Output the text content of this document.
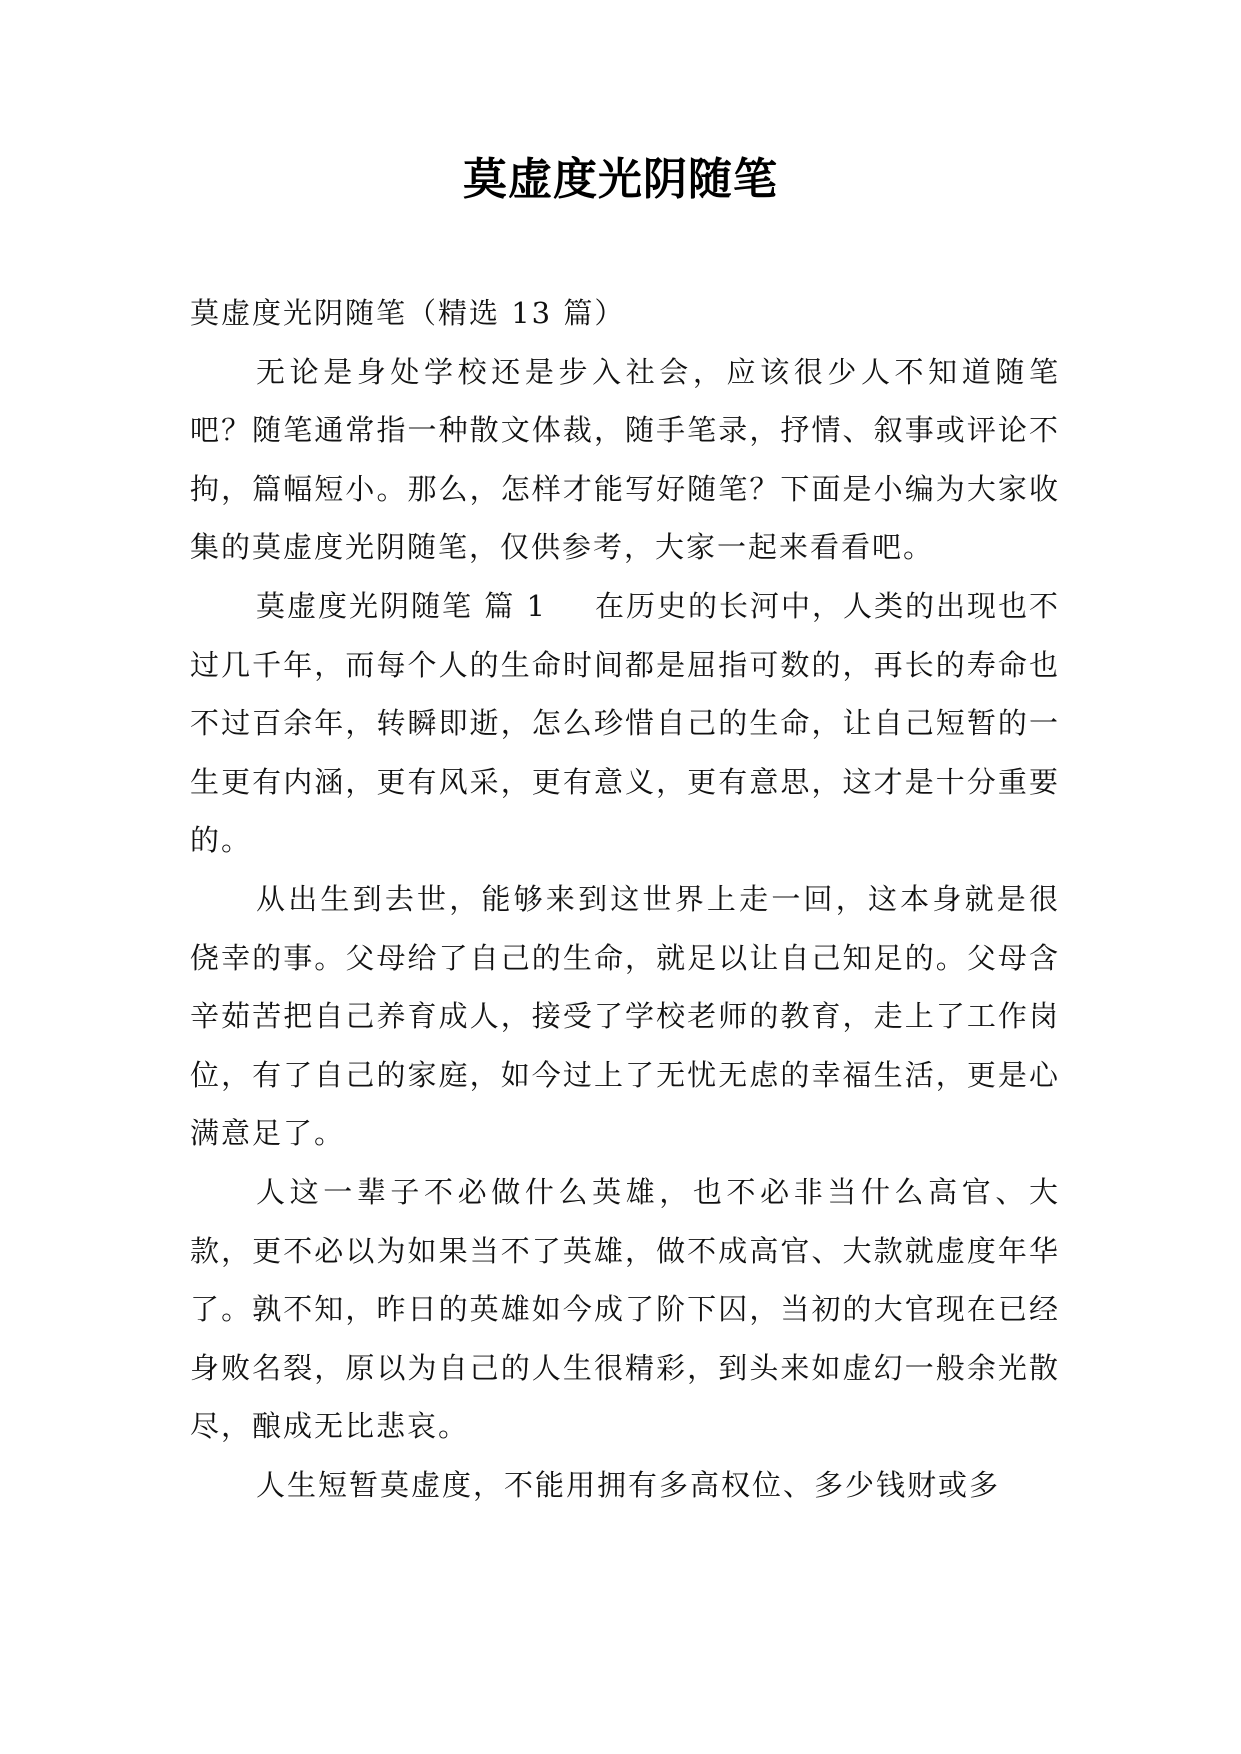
莫虚度光阴随笔

莫虚度光阴随笔（精选 13 篇）

无论是身处学校还是步入社会，应该很少人不知道随笔吧？随笔通常指一种散文体裁，随手笔录，抒情、叙事或评论不拘，篇幅短小。那么，怎样才能写好随笔？下面是小编为大家收集的莫虚度光阴随笔，仅供参考，大家一起来看看吧。

莫虚度光阴随笔 篇 1 在历史的长河中，人类的出现也不过几千年，而每个人的生命时间都是屈指可数的，再长的寿命也不过百余年，转瞬即逝，怎么珍惜自己的生命，让自己短暂的一生更有内涵，更有风采，更有意义，更有意思，这才是十分重要的。

从出生到去世，能够来到这世界上走一回，这本身就是很侥幸的事。父母给了自己的生命，就足以让自己知足的。父母含辛茹苦把自己养育成人，接受了学校老师的教育，走上了工作岗位，有了自己的家庭，如今过上了无忧无虑的幸福生活，更是心满意足了。

人这一辈子不必做什么英雄，也不必非当什么高官、大款，更不必以为如果当不了英雄，做不成高官、大款就虚度年华了。孰不知，昨日的英雄如今成了阶下囚，当初的大官现在已经身败名裂，原以为自己的人生很精彩，到头来如虚幻一般余光散尽，酿成无比悲哀。

人生短暂莫虚度，不能用拥有多高权位、多少钱财或多
